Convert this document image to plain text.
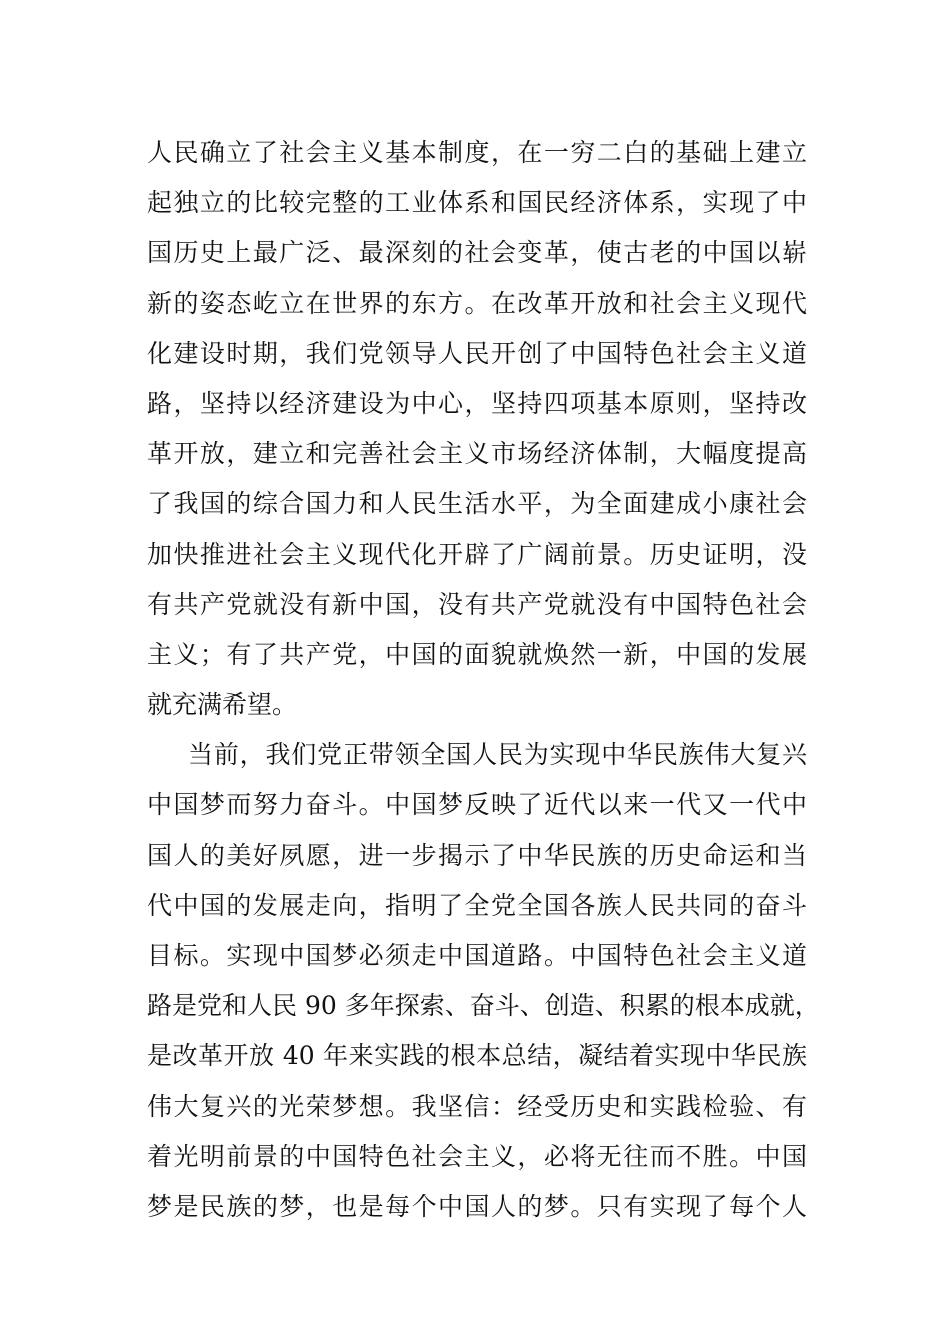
人民确立了社会主义基本制度，在一穷二白的基础上建立
起独立的比较完整的工业体系和国民经济体系，实现了中
国历史上最广泛、最深刻的社会变革，使古老的中国以崭
新的姿态屹立在世界的东方。在改革开放和社会主义现代
化建设时期，我们党领导人民开创了中国特色社会主义道
路，坚持以经济建设为中心，坚持四项基本原则，坚持改
革开放，建立和完善社会主义市场经济体制，大幅度提高
了我国的综合国力和人民生活水平，为全面建成小康社会
加快推进社会主义现代化开辟了广阔前景。历史证明，没
有共产党就没有新中国，没有共产党就没有中国特色社会
主义；有了共产党，中国的面貌就焕然一新，中国的发展
就充满希望。
当前，我们党正带领全国人民为实现中华民族伟大复兴
中国梦而努力奋斗。中国梦反映了近代以来一代又一代中
国人的美好夙愿，进一步揭示了中华民族的历史命运和当
代中国的发展走向，指明了全党全国各族人民共同的奋斗
目标。实现中国梦必须走中国道路。中国特色社会主义道
路是党和人民 90 多年探索、奋斗、创造、积累的根本成就，
是改革开放 40 年来实践的根本总结，凝结着实现中华民族
伟大复兴的光荣梦想。我坚信：经受历史和实践检验、有
着光明前景的中国特色社会主义，必将无往而不胜。中国
梦是民族的梦，也是每个中国人的梦。只有实现了每个人
